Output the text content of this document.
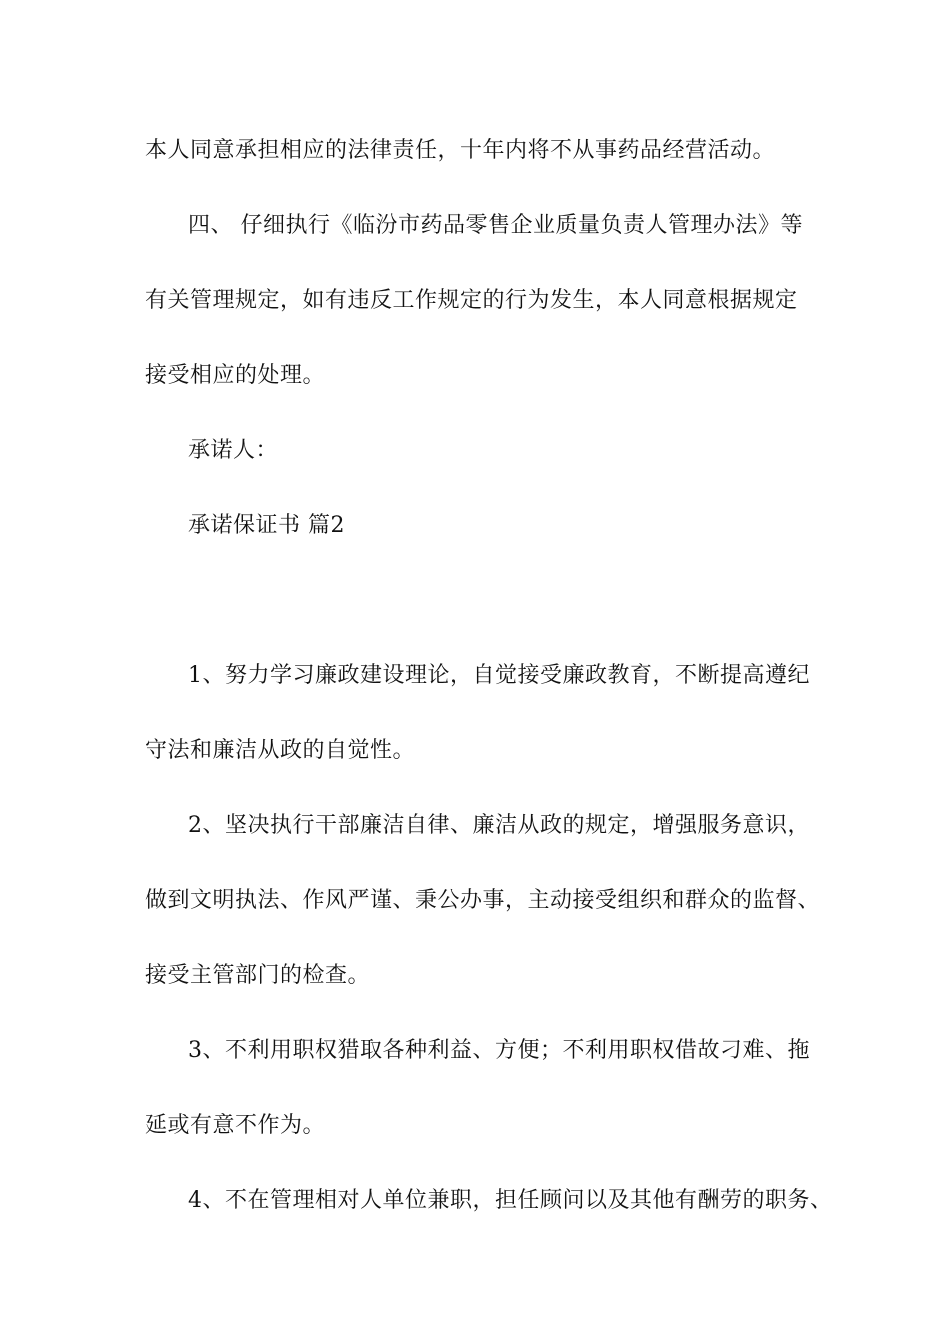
本人同意承担相应的法律责任，十年内将不从事药品经营活动。
四、 仔细执行《临汾市药品零售企业质量负责人管理办法》等
有关管理规定，如有违反工作规定的行为发生，本人同意根据规定
接受相应的处理。
承诺人：
承诺保证书 篇2
1、努力学习廉政建设理论，自觉接受廉政教育，不断提高遵纪
守法和廉洁从政的自觉性。
2、坚决执行干部廉洁自律、廉洁从政的规定，增强服务意识，
做到文明执法、作风严谨、秉公办事，主动接受组织和群众的监督、
接受主管部门的检查。
3、不利用职权猎取各种利益、方便；不利用职权借故刁难、拖
延或有意不作为。
4、不在管理相对人单位兼职，担任顾问以及其他有酬劳的职务、
